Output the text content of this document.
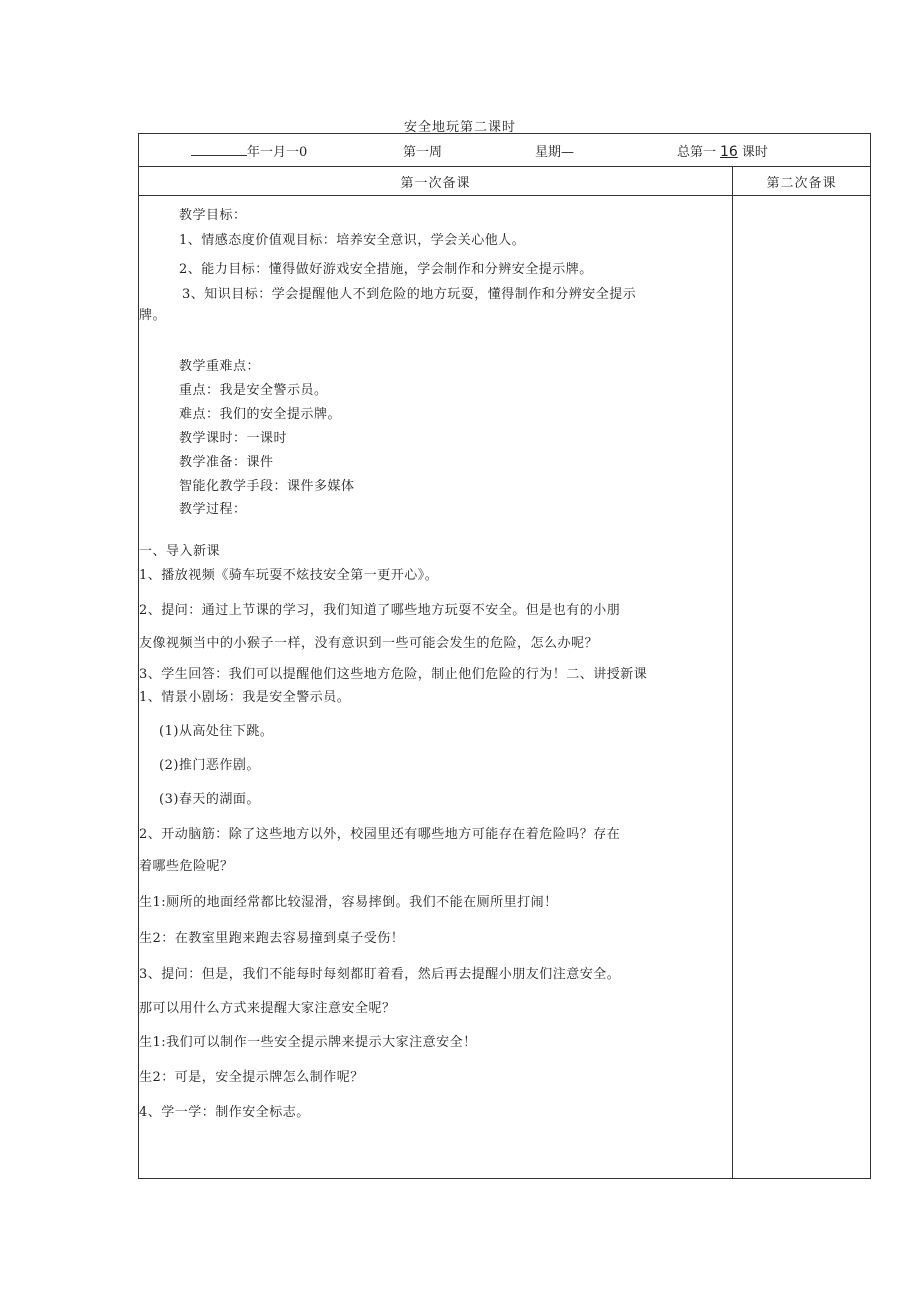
安全地玩第二课时
年一月一0	第一周	星期—	总第一 16 课时
第一次备课	第二次备课
教学目标：
1、情感态度价值观目标：培养安全意识，学会关心他人。
2、能力目标：懂得做好游戏安全措施，学会制作和分辨安全提示牌。
3、知识目标：学会提醒他人不到危险的地方玩耍，懂得制作和分辨安全提示
牌。
教学重难点：
重点：我是安全警示员。
难点：我们的安全提示牌。
教学课时：一课时
教学准备：课件
智能化教学手段：课件多媒体
教学过程：
一、导入新课
1、播放视频《骑车玩耍不炫技安全第一更开心》。
2、提问：通过上节课的学习，我们知道了哪些地方玩耍不安全。但是也有的小朋
友像视频当中的小猴子一样，没有意识到一些可能会发生的危险，怎么办呢？
3、学生回答：我们可以提醒他们这些地方危险，制止他们危险的行为！二、讲授新课
1、情景小剧场：我是安全警示员。
(1)从高处往下跳。
(2)推门恶作剧。
(3)春天的湖面。
2、开动脑筋：除了这些地方以外，校园里还有哪些地方可能存在着危险吗？存在
着哪些危险呢？
生1:厕所的地面经常都比较湿滑，容易摔倒。我们不能在厕所里打闹！
生2：在教室里跑来跑去容易撞到桌子受伤！
3、提问：但是，我们不能每时每刻都盯着看，然后再去提醒小朋友们注意安全。
那可以用什么方式来提醒大家注意安全呢？
生1:我们可以制作一些安全提示牌来提示大家注意安全！
生2：可是，安全提示牌怎么制作呢？
4、学一学：制作安全标志。
